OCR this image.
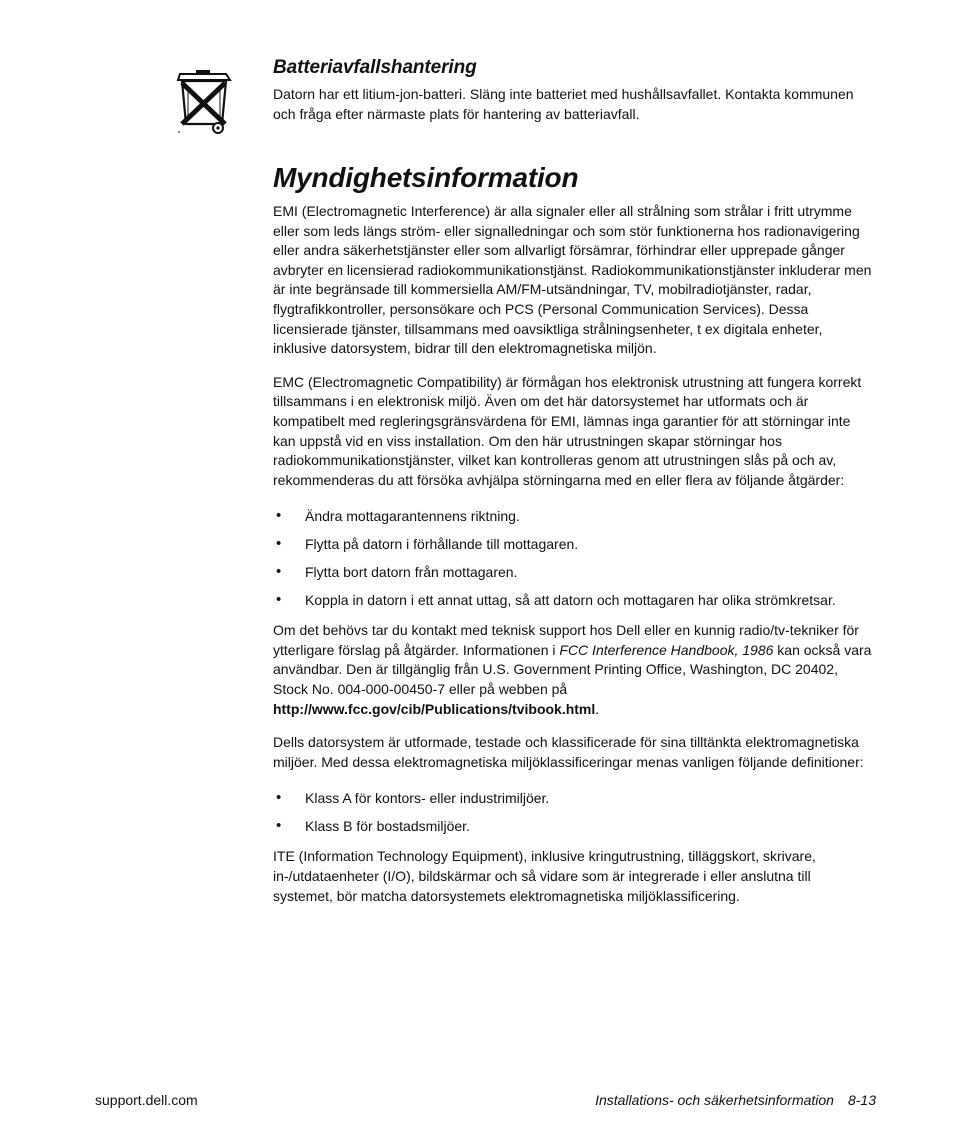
Batteriavfallshantering

Datorn har ett litium-jon-batteri. Släng inte batteriet med hushållsavfallet. Kontakta kommunen och fråga efter närmaste plats för hantering av batteriavfall.

Myndighetsinformation

EMI (Electromagnetic Interference) är alla signaler eller all strålning som strålar i fritt utrymme eller som leds längs ström- eller signalledningar och som stör funktionerna hos radionavigering eller andra säkerhetstjänster eller som allvarligt försämrar, förhindrar eller upprepade gånger avbryter en licensierad radiokommunikationstjänst. Radiokommunikationstjänster inkluderar men är inte begränsade till kommersiella AM/FM-utsändningar, TV, mobilradiotjänster, radar, flygtrafikkontroller, personsökare och PCS (Personal Communication Services). Dessa licensierade tjänster, tillsammans med oavsiktliga strålningsenheter, t ex digitala enheter, inklusive datorsystem, bidrar till den elektromagnetiska miljön.

EMC (Electromagnetic Compatibility) är förmågan hos elektronisk utrustning att fungera korrekt tillsammans i en elektronisk miljö. Även om det här datorsystemet har utformats och är kompatibelt med regleringsgränsvärdena för EMI, lämnas inga garantier för att störningar inte kan uppstå vid en viss installation. Om den här utrustningen skapar störningar hos radiokommunikationstjänster, vilket kan kontrolleras genom att utrustningen slås på och av, rekommenderas du att försöka avhjälpa störningarna med en eller flera av följande åtgärder:

• Ändra mottagarantennens riktning.
• Flytta på datorn i förhållande till mottagaren.
• Flytta bort datorn från mottagaren.
• Koppla in datorn i ett annat uttag, så att datorn och mottagaren har olika strömkretsar.

Om det behövs tar du kontakt med teknisk support hos Dell eller en kunnig radio/tv-tekniker för ytterligare förslag på åtgärder. Informationen i FCC Interference Handbook, 1986 kan också vara användbar. Den är tillgänglig från U.S. Government Printing Office, Washington, DC 20402, Stock No. 004-000-00450-7 eller på webben på http://www.fcc.gov/cib/Publications/tvibook.html.

Dells datorsystem är utformade, testade och klassificerade för sina tilltänkta elektromagnetiska miljöer. Med dessa elektromagnetiska miljöklassificeringar menas vanligen följande definitioner:

• Klass A för kontors- eller industrimiljöer.
• Klass B för bostadsmiljöer.

ITE (Information Technology Equipment), inklusive kringutrustning, tilläggskort, skrivare, in-/utdataenheter (I/O), bildskärmar och så vidare som är integrerade i eller anslutna till systemet, bör matcha datorsystemets elektromagnetiska miljöklassificering.

support.dell.com	Installations- och säkerhetsinformation 8-13
